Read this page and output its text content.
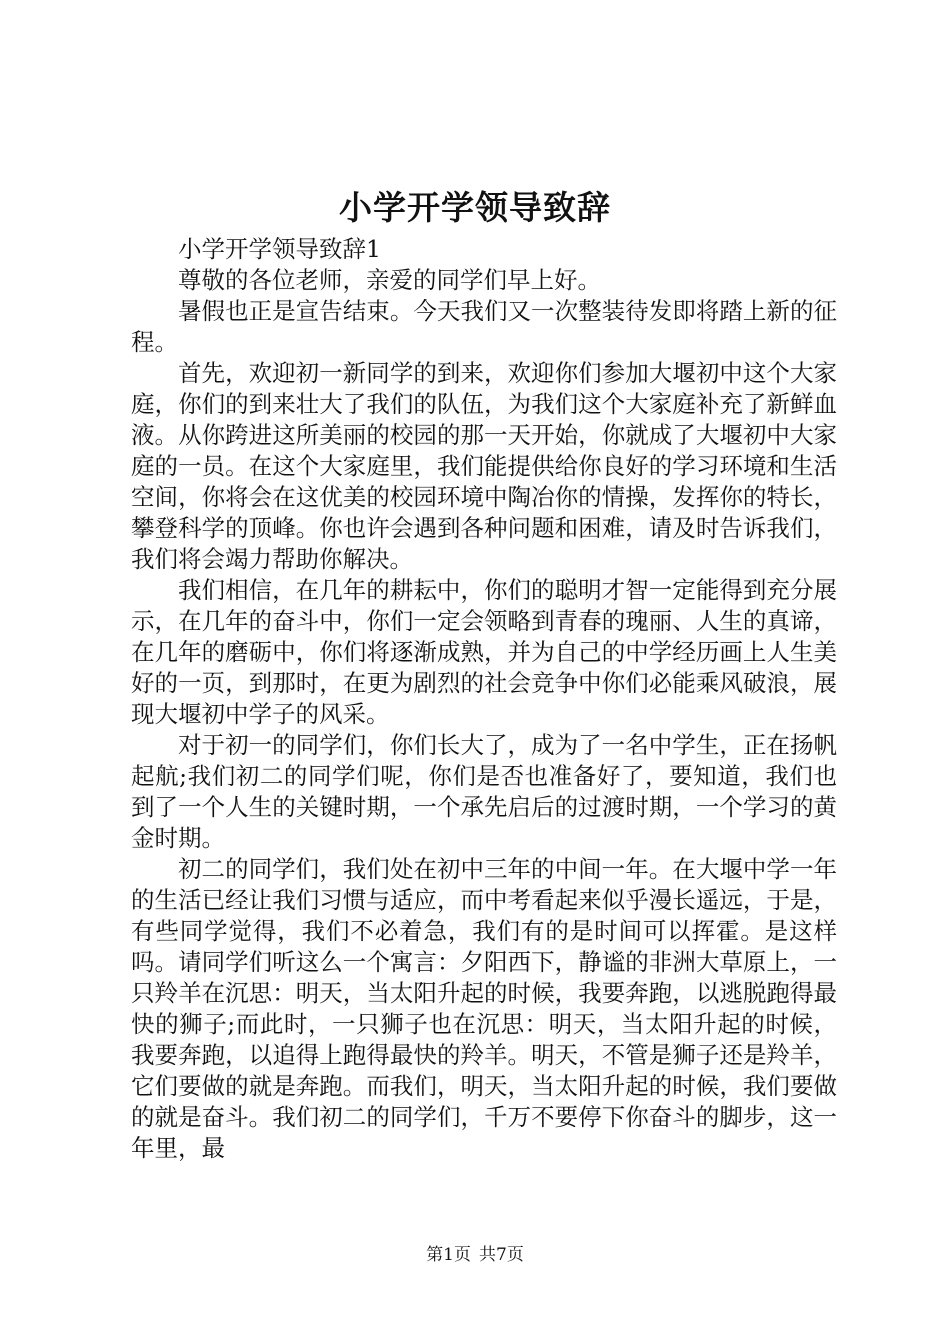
小学开学领导致辞

小学开学领导致辞1

尊敬的各位老师，亲爱的同学们早上好。

暑假也正是宣告结束。今天我们又一次整装待发即将踏上新的征程。

首先，欢迎初一新同学的到来，欢迎你们参加大堰初中这个大家庭，你们的到来壮大了我们的队伍，为我们这个大家庭补充了新鲜血液。从你跨进这所美丽的校园的那一天开始，你就成了大堰初中大家庭的一员。在这个大家庭里，我们能提供给你良好的学习环境和生活空间，你将会在这优美的校园环境中陶冶你的情操，发挥你的特长，攀登科学的顶峰。你也许会遇到各种问题和困难，请及时告诉我们，我们将会竭力帮助你解决。

我们相信，在几年的耕耘中，你们的聪明才智一定能得到充分展示，在几年的奋斗中，你们一定会领略到青春的瑰丽、人生的真谛，在几年的磨砺中，你们将逐渐成熟，并为自己的中学经历画上人生美好的一页，到那时，在更为剧烈的社会竞争中你们必能乘风破浪，展现大堰初中学子的风采。

对于初一的同学们，你们长大了，成为了一名中学生，正在扬帆起航;我们初二的同学们呢，你们是否也准备好了，要知道，我们也到了一个人生的关键时期，一个承先启后的过渡时期，一个学习的黄金时期。

初二的同学们，我们处在初中三年的中间一年。在大堰中学一年的生活已经让我们习惯与适应，而中考看起来似乎漫长遥远，于是，有些同学觉得，我们不必着急，我们有的是时间可以挥霍。是这样吗。请同学们听这么一个寓言：夕阳西下，静谧的非洲大草原上，一只羚羊在沉思：明天，当太阳升起的时候，我要奔跑，以逃脱跑得最快的狮子;而此时，一只狮子也在沉思：明天，当太阳升起的时候，我要奔跑，以追得上跑得最快的羚羊。明天，不管是狮子还是羚羊，它们要做的就是奔跑。而我们，明天，当太阳升起的时候，我们要做的就是奋斗。我们初二的同学们，千万不要停下你奋斗的脚步，这一年里，最

第1页 共7页
